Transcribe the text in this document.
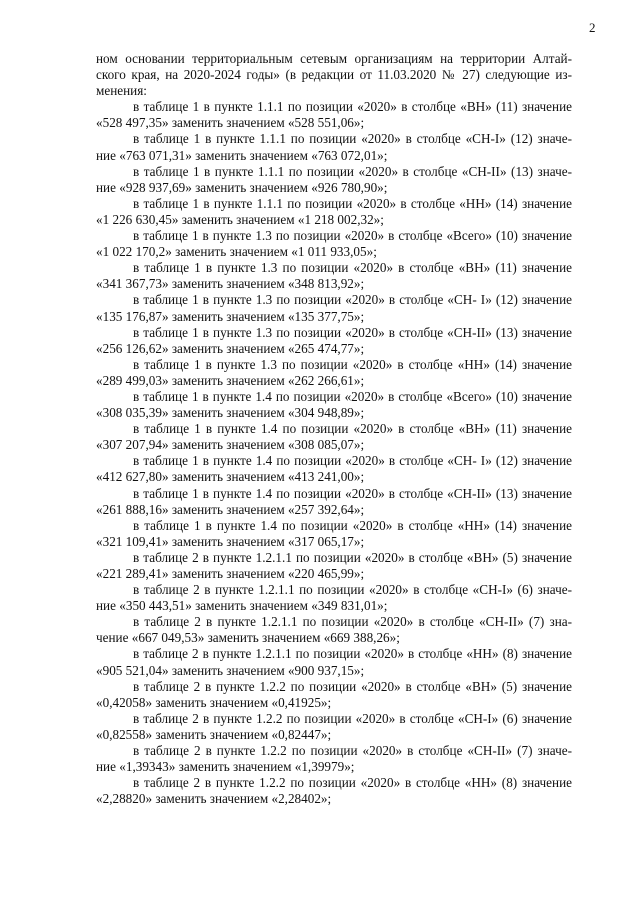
2
ном основании территориальным сетевым организациям на территории Алтай-
ского края, на 2020-2024 годы» (в редакции от 11.03.2020 № 27) следующие из-
менения:
в таблице 1 в пункте 1.1.1 по позиции «2020» в столбце «ВН» (11) значение
«528 497,35» заменить значением «528 551,06»;
в таблице 1 в пункте 1.1.1 по позиции «2020» в столбце «СН-I» (12) значе-
ние «763 071,31» заменить значением «763 072,01»;
в таблице 1 в пункте 1.1.1 по позиции «2020» в столбце «СН-II» (13) значе-
ние «928 937,69» заменить значением «926 780,90»;
в таблице 1 в пункте 1.1.1 по позиции «2020» в столбце «НН» (14) значение
«1 226 630,45» заменить значением «1 218 002,32»;
в таблице 1 в пункте 1.3 по позиции «2020» в столбце «Всего» (10) значение
«1 022 170,2» заменить значением «1 011 933,05»;
в таблице 1 в пункте 1.3 по позиции «2020» в столбце «ВН» (11) значение
«341 367,73» заменить значением «348 813,92»;
в таблице 1 в пункте 1.3 по позиции «2020» в столбце «СН- I» (12) значение
«135 176,87» заменить значением «135 377,75»;
в таблице 1 в пункте 1.3 по позиции «2020» в столбце «СН-II» (13) значение
«256 126,62» заменить значением «265 474,77»;
в таблице 1 в пункте 1.3 по позиции «2020» в столбце «НН» (14) значение
«289 499,03» заменить значением «262 266,61»;
в таблице 1 в пункте 1.4 по позиции «2020» в столбце «Всего» (10) значение
«308 035,39» заменить значением «304 948,89»;
в таблице 1 в пункте 1.4 по позиции «2020» в столбце «ВН» (11) значение
«307 207,94» заменить значением «308 085,07»;
в таблице 1 в пункте 1.4 по позиции «2020» в столбце «СН- I» (12) значение
«412 627,80» заменить значением «413 241,00»;
в таблице 1 в пункте 1.4 по позиции «2020» в столбце «СН-II» (13) значение
«261 888,16» заменить значением «257 392,64»;
в таблице 1 в пункте 1.4 по позиции «2020» в столбце «НН» (14) значение
«321 109,41» заменить значением «317 065,17»;
в таблице 2 в пункте 1.2.1.1 по позиции «2020» в столбце «ВН» (5) значение
«221 289,41» заменить значением «220 465,99»;
в таблице 2 в пункте 1.2.1.1 по позиции «2020» в столбце «СН-I» (6) значе-
ние «350 443,51» заменить значением «349 831,01»;
в таблице 2 в пункте 1.2.1.1 по позиции «2020» в столбце «СН-II» (7) зна-
чение «667 049,53» заменить значением «669 388,26»;
в таблице 2 в пункте 1.2.1.1 по позиции «2020» в столбце «НН» (8) значение
«905 521,04» заменить значением «900 937,15»;
в таблице 2 в пункте 1.2.2 по позиции «2020» в столбце «ВН» (5) значение
«0,42058» заменить значением «0,41925»;
в таблице 2 в пункте 1.2.2 по позиции «2020» в столбце «СН-I» (6) значение
«0,82558» заменить значением «0,82447»;
в таблице 2 в пункте 1.2.2 по позиции «2020» в столбце «СН-II» (7) значе-
ние «1,39343» заменить значением «1,39979»;
в таблице 2 в пункте 1.2.2 по позиции «2020» в столбце «НН» (8) значение
«2,28820» заменить значением «2,28402»;
